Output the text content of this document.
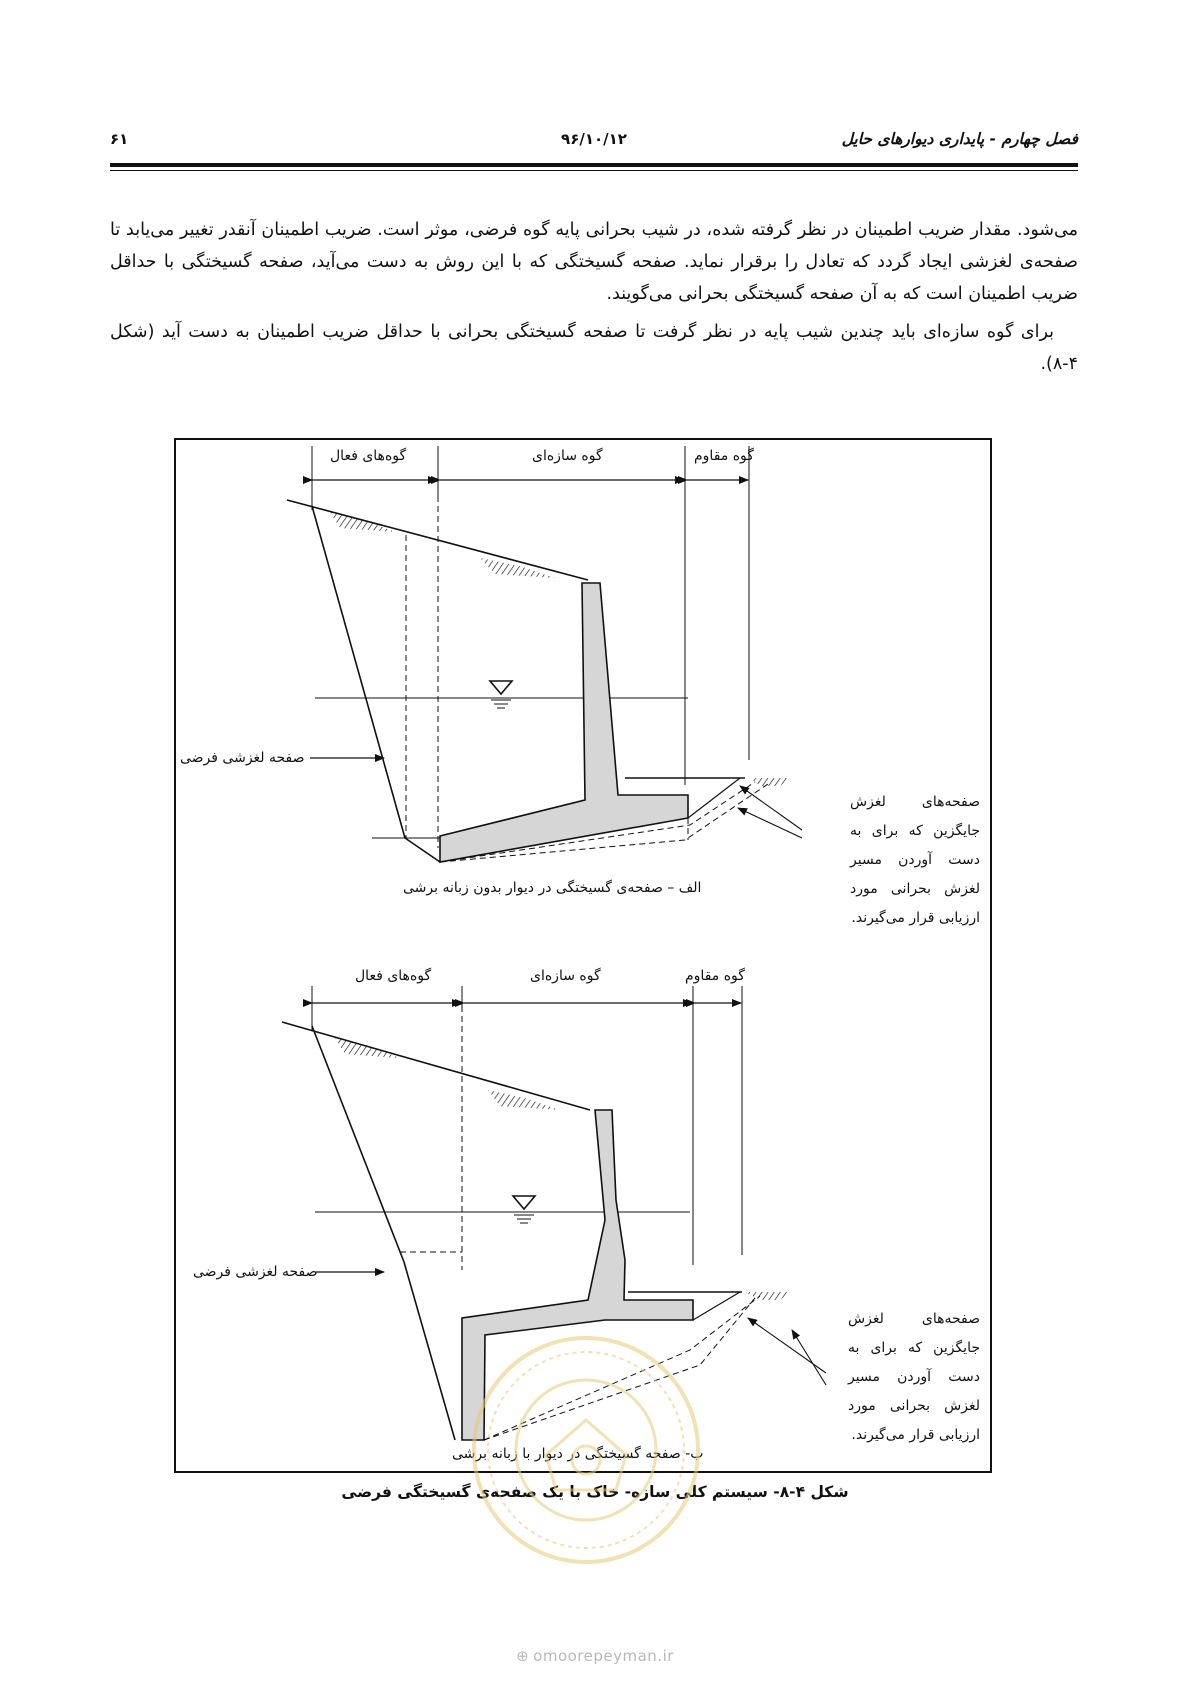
فصل چهارم - پایداری دیوارهای حایل
۹۶/۱۰/۱۲
۶۱

می‌شود. مقدار ضریب اطمینان در نظر گرفته شده، در شیب بحرانی پایه گوه فرضی، موثر است. ضریب اطمینان آنقدر تغییر می‌یابد تا صفحه‌ی لغزشی ایجاد گردد که تعادل را برقرار نماید. صفحه گسیختگی که با این روش به دست می‌آید، صفحه گسیختگی با حداقل ضریب اطمینان است که به آن صفحه گسیختگی بحرانی می‌گویند.

برای گوه سازه‌ای باید چندین شیب پایه در نظر گرفت تا صفحه گسیختگی بحرانی با حداقل ضریب اطمینان به دست آید (شکل ۴-۸).

گوه‌های فعال	گوه سازه‌ای	گوه مقاوم
صفحه لغزشی فرضی
صفحه‌های لغزش جایگزین که برای به دست آوردن مسیر لغزش بحرانی مورد ارزیابی قرار می‌گیرند.
الف – صفحه‌ی گسیختگی در دیوار بدون زبانه برشی
گوه‌های فعال	گوه سازه‌ای	گوه مقاوم
صفحه لغزشی فرضی
صفحه‌های لغزش جایگزین که برای به دست آوردن مسیر لغزش بحرانی مورد ارزیابی قرار می‌گیرند.
ب- صفحه گسیختگی در دیوار با زبانه برشی
شکل ۴-۸- سیستم کلی سازه- خاک با یک صفحه‌ی گسیختگی فرضی
⊕ omoorepeyman.ir
